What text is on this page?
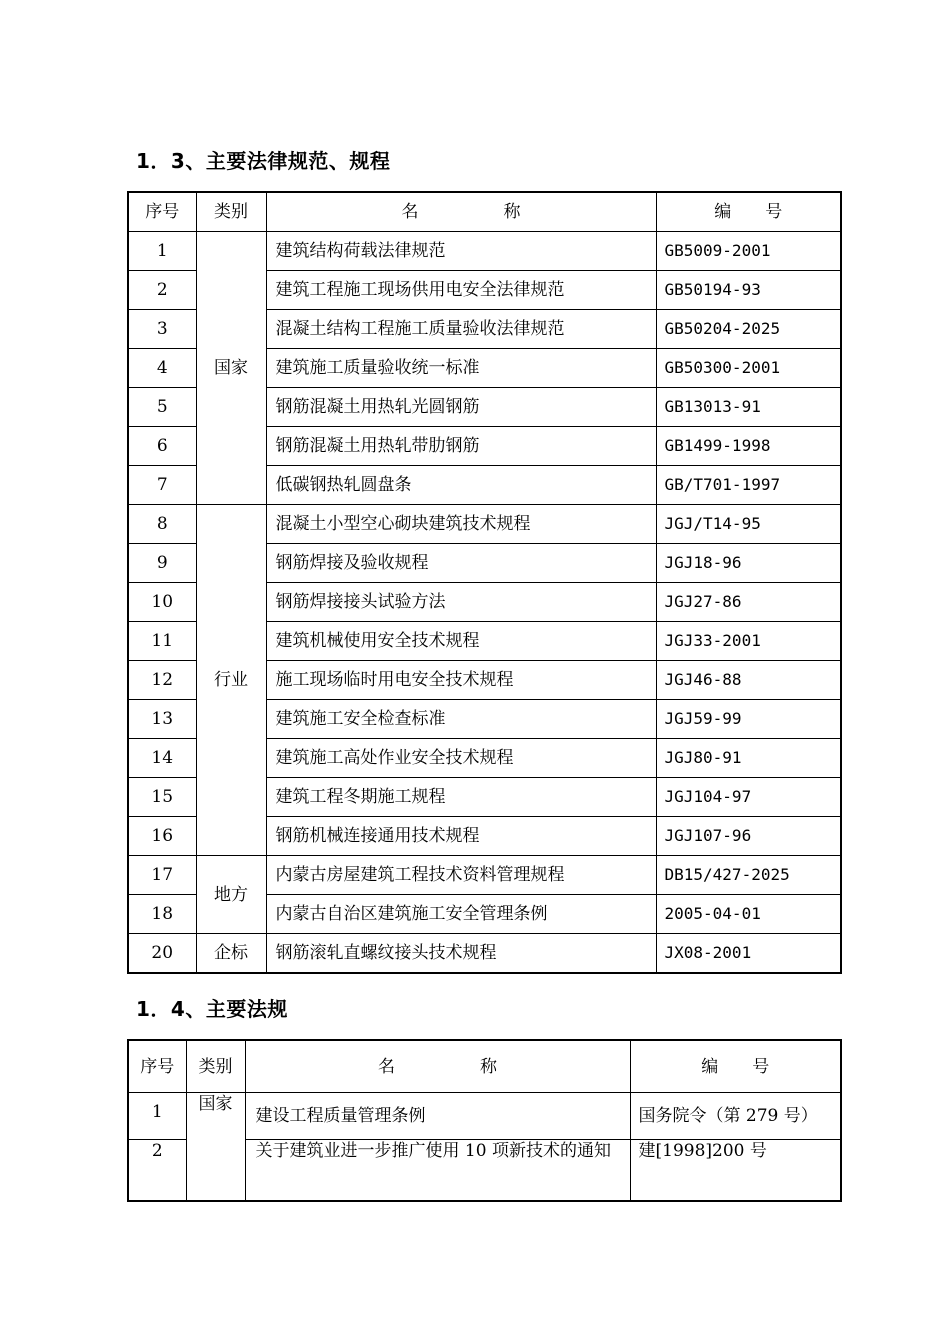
1．3、主要法律规范、规程
序号	类别	名　　　　　称	编　　号
1	国家	建筑结构荷载法律规范	GB5009-2001
2		建筑工程施工现场供用电安全法律规范	GB50194-93
3		混凝土结构工程施工质量验收法律规范	GB50204-2025
4		建筑施工质量验收统一标准	GB50300-2001
5		钢筋混凝土用热轧光圆钢筋	GB13013-91
6		钢筋混凝土用热轧带肋钢筋	GB1499-1998
7		低碳钢热轧圆盘条	GB/T701-1997
8	行业	混凝土小型空心砌块建筑技术规程	JGJ/T14-95
9		钢筋焊接及验收规程	JGJ18-96
10		钢筋焊接接头试验方法	JGJ27-86
11		建筑机械使用安全技术规程	JGJ33-2001
12		施工现场临时用电安全技术规程	JGJ46-88
13		建筑施工安全检查标准	JGJ59-99
14		建筑施工高处作业安全技术规程	JGJ80-91
15		建筑工程冬期施工规程	JGJ104-97
16		钢筋机械连接通用技术规程	JGJ107-96
17	地方	内蒙古房屋建筑工程技术资料管理规程	DB15/427-2025
18		内蒙古自治区建筑施工安全管理条例	2005-04-01
20	企标	钢筋滚轧直螺纹接头技术规程	JX08-2001
1．4、主要法规
序号	类别	名　　　　　称	编　　号
1	国家	建设工程质量管理条例	国务院令（第 279 号）
2		关于建筑业进一步推广使用 10 项新技术的通知	建[1998]200 号
